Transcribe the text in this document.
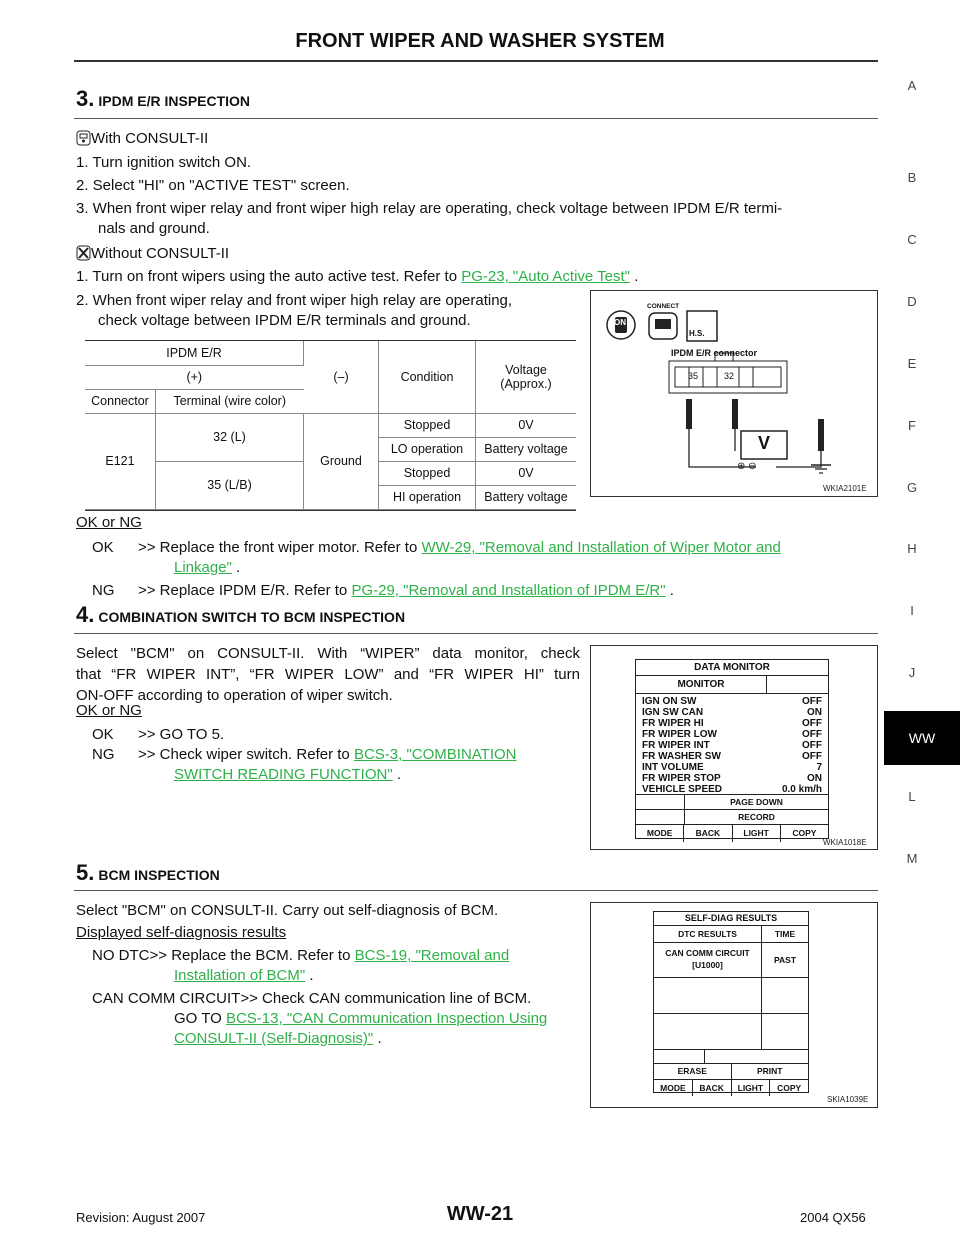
FRONT WIPER AND WASHER SYSTEM
A
B
C
D
E
F
G
H
I
J
WW
L
M
3. IPDM E/R INSPECTION
With CONSULT-II
1. Turn ignition switch ON.
2. Select "HI" on "ACTIVE TEST" screen.
3. When front wiper relay and front wiper high relay are operating, check voltage between IPDM E/R termi-
nals and ground.
Without CONSULT-II
1. Turn on front wipers using the auto active test. Refer to PG-23, "Auto Active Test" .
2. When front wiper relay and front wiper high relay are operating,
check voltage between IPDM E/R terminals and ground.
IPDM E/R		(–)	Condition	Voltage (Approx.)
(+)				
Connector	Terminal (wire color)			
E121	32 (L)	Ground	Stopped	0V
			LO operation	Battery voltage
	35 (L/B)		Stopped	0V
			HI operation	Battery voltage
ON
CONNECT
H.S.
IPDM E/R connector
35	32
V
⊕ ⊖
WKIA2101E
OK or NG
OK >> Replace the front wiper motor. Refer to WW-29, "Removal and Installation of Wiper Motor and
Linkage" .
NG >> Replace IPDM E/R. Refer to PG-29, "Removal and Installation of IPDM E/R" .
4. COMBINATION SWITCH TO BCM INSPECTION
Select "BCM" on CONSULT-II. With “WIPER” data monitor, check
that “FR WIPER INT”, “FR WIPER LOW” and “FR WIPER HI” turn
ON-OFF according to operation of wiper switch.
OK or NG
OK >> GO TO 5.
NG >> Check wiper switch. Refer to BCS-3, "COMBINATION
SWITCH READING FUNCTION" .
DATA MONITOR
MONITOR
IGN ON SW	OFF
IGN SW CAN	ON
FR WIPER HI	OFF
FR WIPER LOW	OFF
FR WIPER INT	OFF
FR WASHER SW	OFF
INT VOLUME	7
FR WIPER STOP	ON
VEHICLE SPEED	0.0 km/h
PAGE DOWN
RECORD
MODE	BACK	LIGHT	COPY
WKIA1018E
5. BCM INSPECTION
Select "BCM" on CONSULT-II. Carry out self-diagnosis of BCM.
Displayed self-diagnosis results
NO DTC>> Replace the BCM. Refer to BCS-19, "Removal and
Installation of BCM" .
CAN COMM CIRCUIT>> Check CAN communication line of BCM.
GO TO BCS-13, "CAN Communication Inspection Using
CONSULT-II (Self-Diagnosis)" .
SELF-DIAG RESULTS
DTC RESULTS	TIME
CAN COMM CIRCUIT
[U1000]	PAST
ERASE	PRINT
MODE	BACK	LIGHT	COPY
SKIA1039E
Revision: August 2007	WW-21	2004 QX56
